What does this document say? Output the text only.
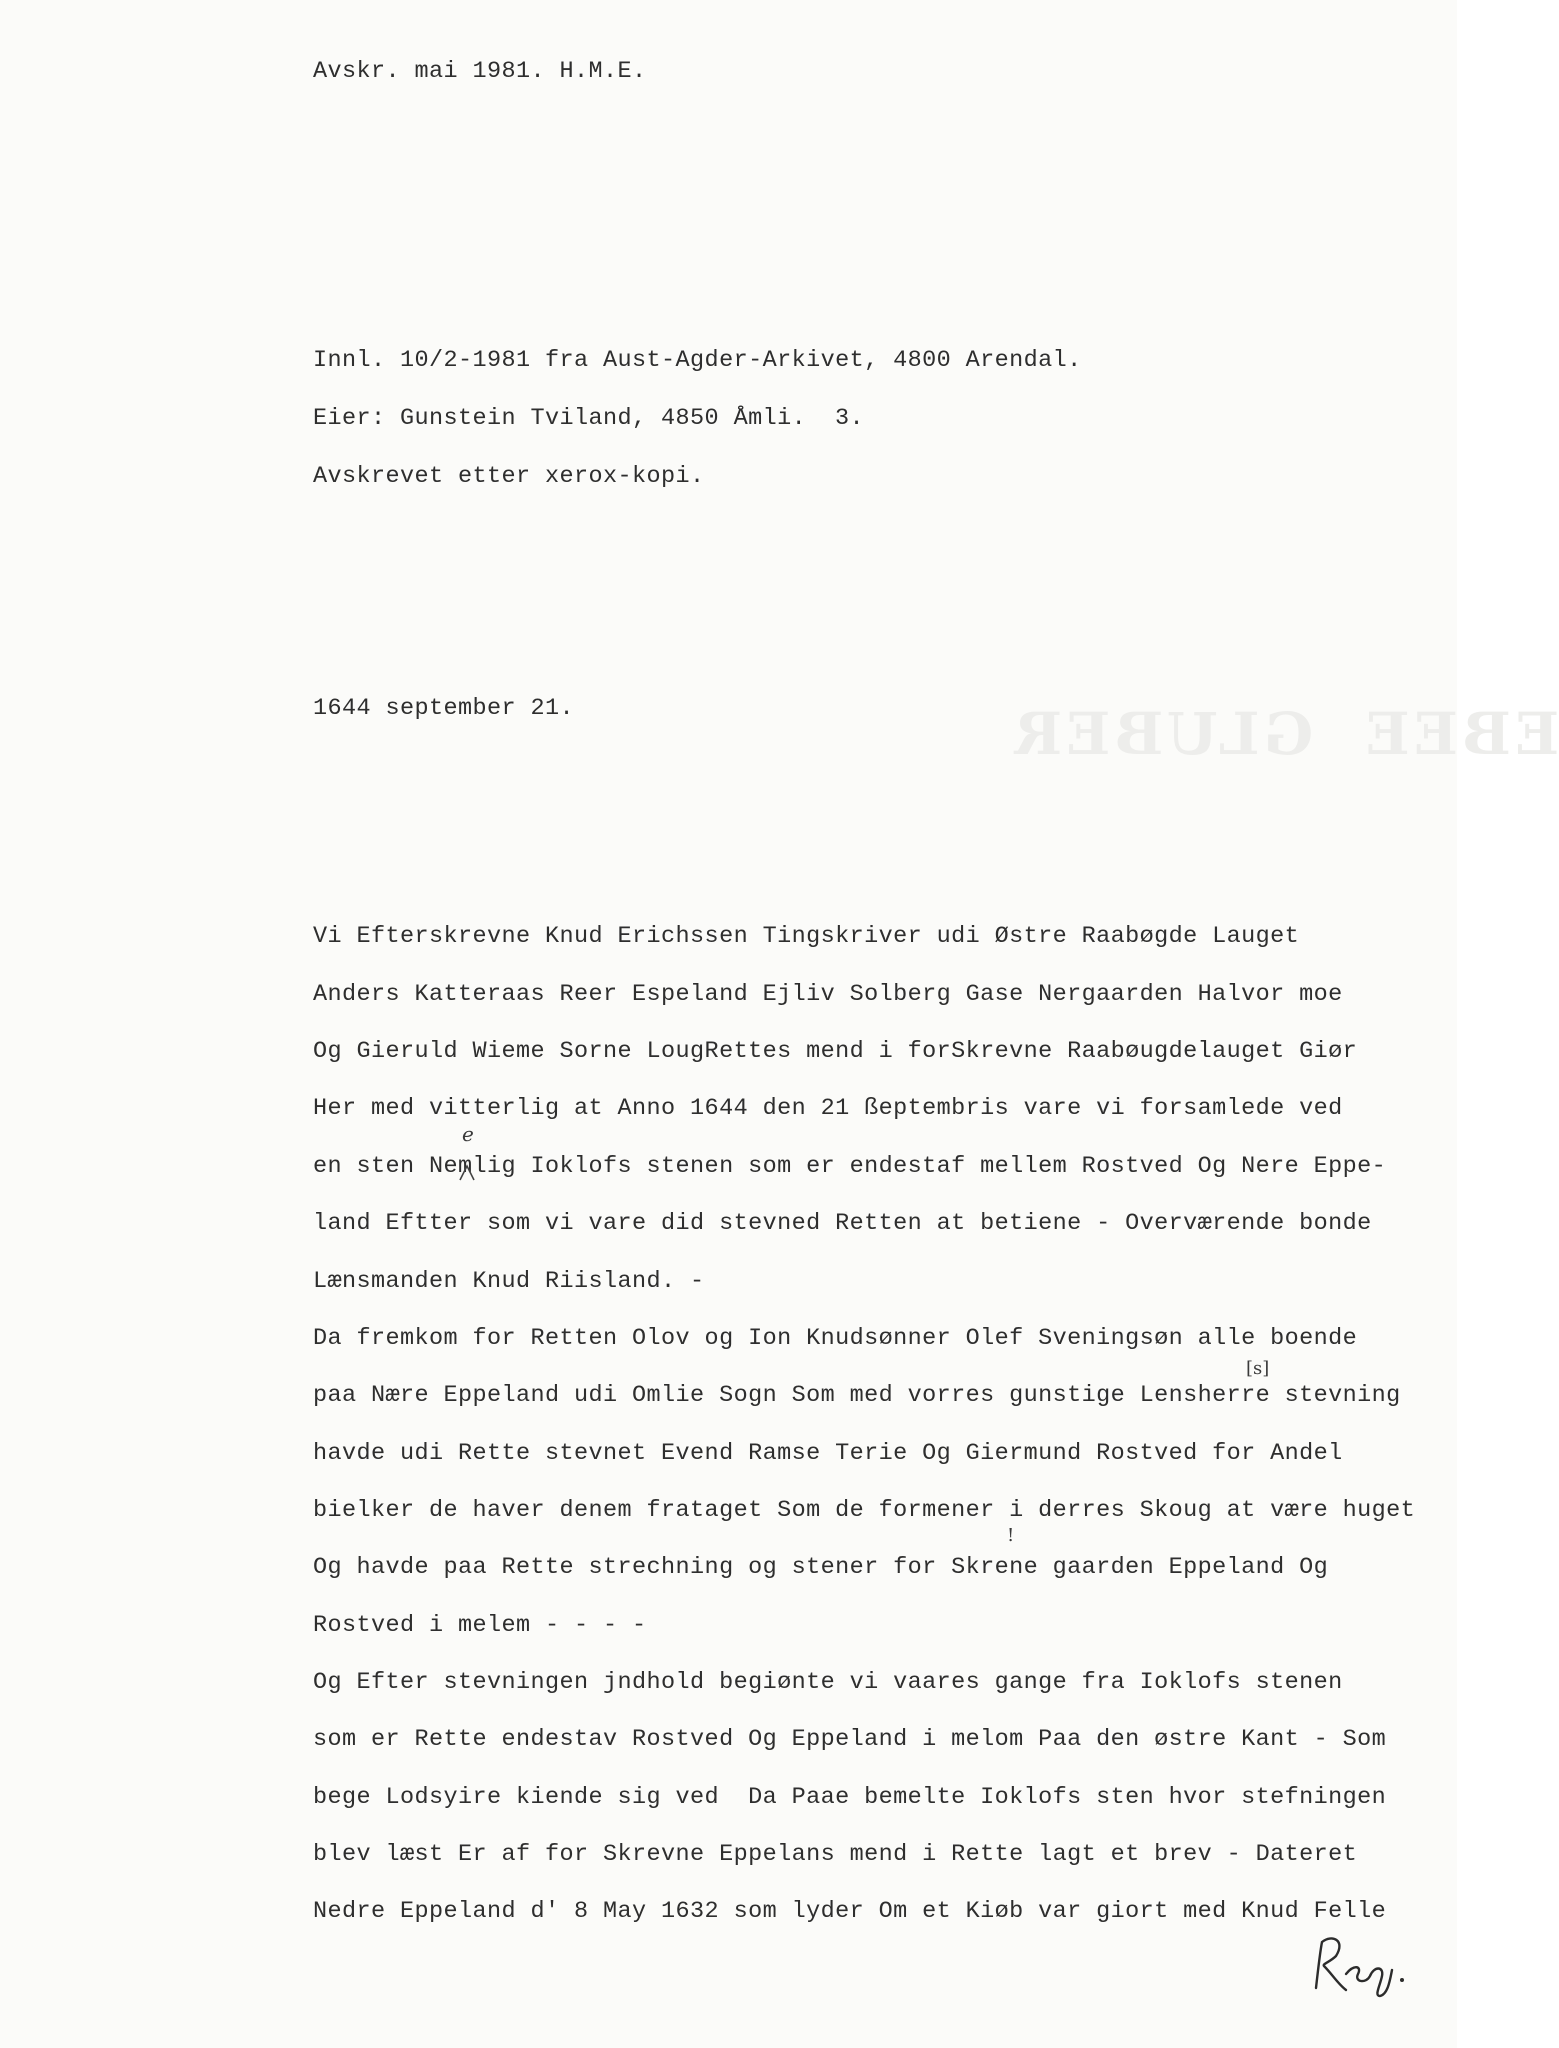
EBEE  GLUBER
Avskr. mai 1981. H.M.E.
Innl. 10/2-1981 fra Aust-Agder-Arkivet, 4800 Arendal.
Eier: Gunstein Tviland, 4850 Åmli. 3.
Avskrevet etter xerox-kopi.
1644 september 21.
Vi Efterskrevne Knud Erichssen Tingskriver udi Østre Raabøgde Lauget
Anders Katteraas Reer Espeland Ejliv Solberg Gase Nergaarden Halvor moe
Og Gieruld Wieme Sorne LougRettes mend i forSkrevne Raabøugdelauget Giør
Her med vitterlig at Anno 1644 den 21 ßeptembris vare vi forsamlede ved
en sten Nemlig Ioklofs stenen som er endestaf mellem Rostved Og Nere Eppe-
land Eftter som vi vare did stevned Retten at betiene - Overværende bonde
Lænsmanden Knud Riisland. -
Da fremkom for Retten Olov og Ion Knudsønner Olef Sveningsøn alle boende
paa Nære Eppeland udi Omlie Sogn Som med vorres gunstige Lensherre stevning
havde udi Rette stevnet Evend Ramse Terie Og Giermund Rostved for Andel
bielker de haver denem frataget Som de formener i derres Skoug at være huget
Og havde paa Rette strechning og stener for Skrene gaarden Eppeland Og
Rostved i melem - - - -
Og Efter stevningen jndhold begiønte vi vaares gange fra Ioklofs stenen
som er Rette endestav Rostved Og Eppeland i melom Paa den østre Kant - Som
bege Lodsyire kiende sig ved  Da Paae bemelte Ioklofs sten hvor stefningen
blev læst Er af for Skrevne Eppelans mend i Rette lagt et brev - Dateret
Nedre Eppeland d' 8 May 1632 som lyder Om et Kiøb var giort med Knud Felle
e
[s]
!
